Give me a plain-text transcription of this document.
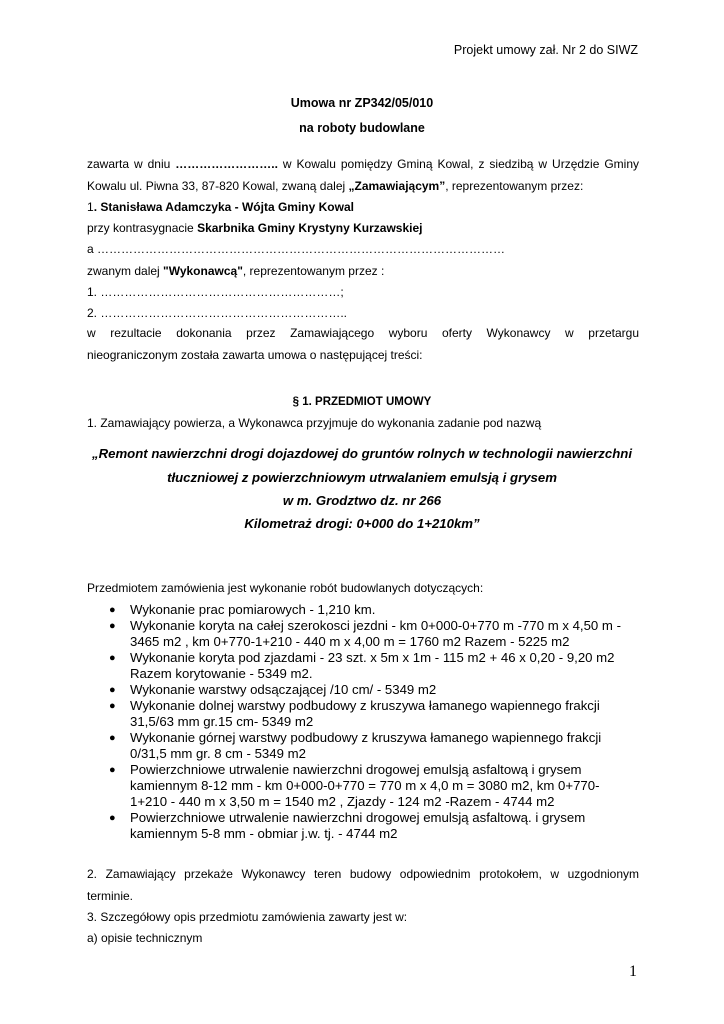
Projekt umowy zał. Nr 2 do SIWZ
Umowa nr ZP342/05/010
na roboty budowlane
zawarta w dniu …………………….. w Kowalu pomiędzy Gminą Kowal, z siedzibą w Urzędzie Gminy
Kowalu ul. Piwna 33, 87-820 Kowal, zwaną dalej „Zamawiającym”, reprezentowanym przez:
1. Stanisława Adamczyka - Wójta Gminy Kowal
przy kontrasygnacie Skarbnika Gminy Krystyny Kurzawskiej
a …………………………………………………………………………………………
zwanym dalej "Wykonawcą", reprezentowanym przez :
1. ……………………………………………………;
2. ……………………………………………………..
w rezultacie dokonania przez Zamawiającego wyboru oferty Wykonawcy w przetargu
nieograniczonym została zawarta umowa o następującej treści:
§ 1. PRZEDMIOT UMOWY
1. Zamawiający powierza, a Wykonawca przyjmuje do wykonania zadanie pod nazwą
„Remont nawierzchni drogi dojazdowej do gruntów rolnych w technologii nawierzchni
tłuczniowej z powierzchniowym utrwalaniem emulsją i grysem
w m. Grodztwo dz. nr 266
Kilometraż drogi: 0+000 do 1+210km”
Przedmiotem zamówienia jest wykonanie robót budowlanych dotyczących:
● Wykonanie prac pomiarowych - 1,210 km.
● Wykonanie koryta na całej szerokosci jezdni - km 0+000-0+770 m -770 m x 4,50 m -
3465 m2 , km 0+770-1+210 - 440 m x 4,00 m = 1760 m2 Razem - 5225 m2
● Wykonanie koryta pod zjazdami - 23 szt. x 5m x 1m - 115 m2 + 46 x 0,20 - 9,20 m2
Razem korytowanie - 5349 m2.
● Wykonanie warstwy odsączającej /10 cm/ - 5349 m2
● Wykonanie dolnej warstwy podbudowy z kruszywa łamanego wapiennego frakcji
31,5/63 mm gr.15 cm- 5349 m2
● Wykonanie górnej warstwy podbudowy z kruszywa łamanego wapiennego frakcji
0/31,5 mm gr. 8 cm - 5349 m2
● Powierzchniowe utrwalenie nawierzchni drogowej emulsją asfaltową i grysem
kamiennym 8-12 mm - km 0+000-0+770 = 770 m x 4,0 m = 3080 m2, km 0+770-
1+210 - 440 m x 3,50 m = 1540 m2 , Zjazdy - 124 m2 -Razem - 4744 m2
● Powierzchniowe utrwalenie nawierzchni drogowej emulsją asfaltową. i grysem
kamiennym 5-8 mm - obmiar j.w. tj. - 4744 m2
2. Zamawiający przekaże Wykonawcy teren budowy odpowiednim protokołem, w uzgodnionym
terminie.
3. Szczegółowy opis przedmiotu zamówienia zawarty jest w:
a) opisie technicznym
1
